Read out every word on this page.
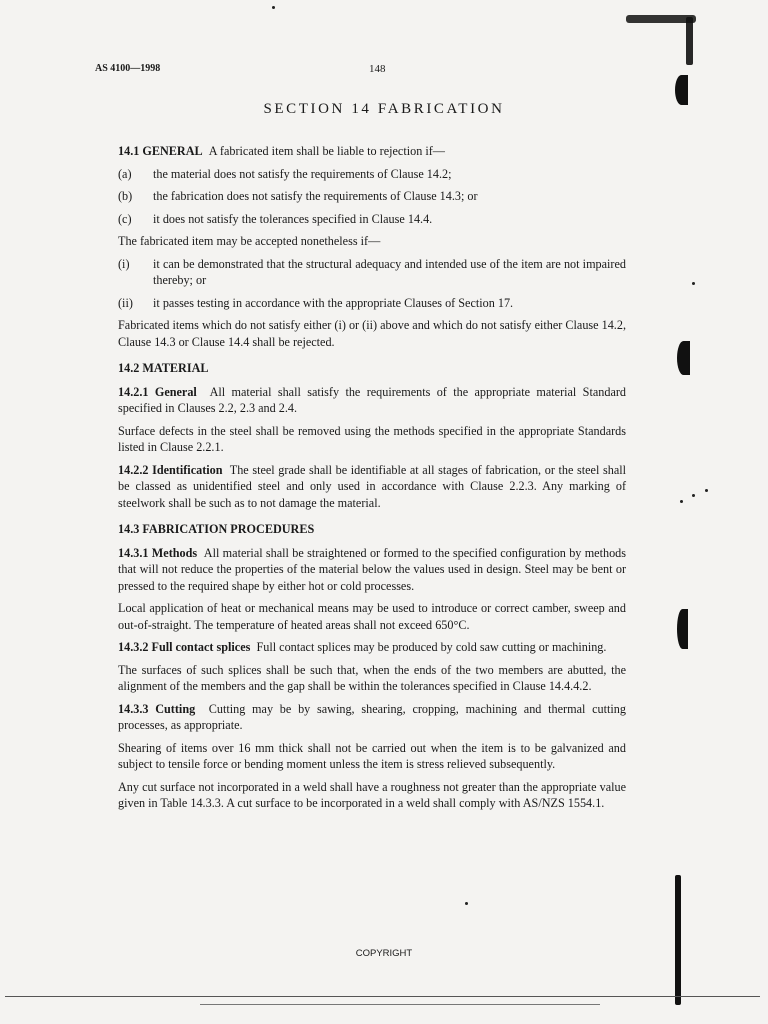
AS 4100—1998	148
SECTION 14 FABRICATION

14.1 GENERAL A fabricated item shall be liable to rejection if—

(a)	the material does not satisfy the requirements of Clause 14.2;
(b)	the fabrication does not satisfy the requirements of Clause 14.3; or
(c)	it does not satisfy the tolerances specified in Clause 14.4.

The fabricated item may be accepted nonetheless if—

(i)	it can be demonstrated that the structural adequacy and intended use of the item are not impaired thereby; or
(ii)	it passes testing in accordance with the appropriate Clauses of Section 17.

Fabricated items which do not satisfy either (i) or (ii) above and which do not satisfy either Clause 14.2, Clause 14.3 or Clause 14.4 shall be rejected.

14.2 MATERIAL

14.2.1 General All material shall satisfy the requirements of the appropriate material Standard specified in Clauses 2.2, 2.3 and 2.4.

Surface defects in the steel shall be removed using the methods specified in the appropriate Standards listed in Clause 2.2.1.

14.2.2 Identification The steel grade shall be identifiable at all stages of fabrication, or the steel shall be classed as unidentified steel and only used in accordance with Clause 2.2.3. Any marking of steelwork shall be such as to not damage the material.

14.3 FABRICATION PROCEDURES

14.3.1 Methods All material shall be straightened or formed to the specified configuration by methods that will not reduce the properties of the material below the values used in design. Steel may be bent or pressed to the required shape by either hot or cold processes.

Local application of heat or mechanical means may be used to introduce or correct camber, sweep and out-of-straight. The temperature of heated areas shall not exceed 650°C.

14.3.2 Full contact splices Full contact splices may be produced by cold saw cutting or machining.

The surfaces of such splices shall be such that, when the ends of the two members are abutted, the alignment of the members and the gap shall be within the tolerances specified in Clause 14.4.4.2.

14.3.3 Cutting Cutting may be by sawing, shearing, cropping, machining and thermal cutting processes, as appropriate.

Shearing of items over 16 mm thick shall not be carried out when the item is to be galvanized and subject to tensile force or bending moment unless the item is stress relieved subsequently.

Any cut surface not incorporated in a weld shall have a roughness not greater than the appropriate value given in Table 14.3.3. A cut surface to be incorporated in a weld shall comply with AS/NZS 1554.1.

COPYRIGHT
